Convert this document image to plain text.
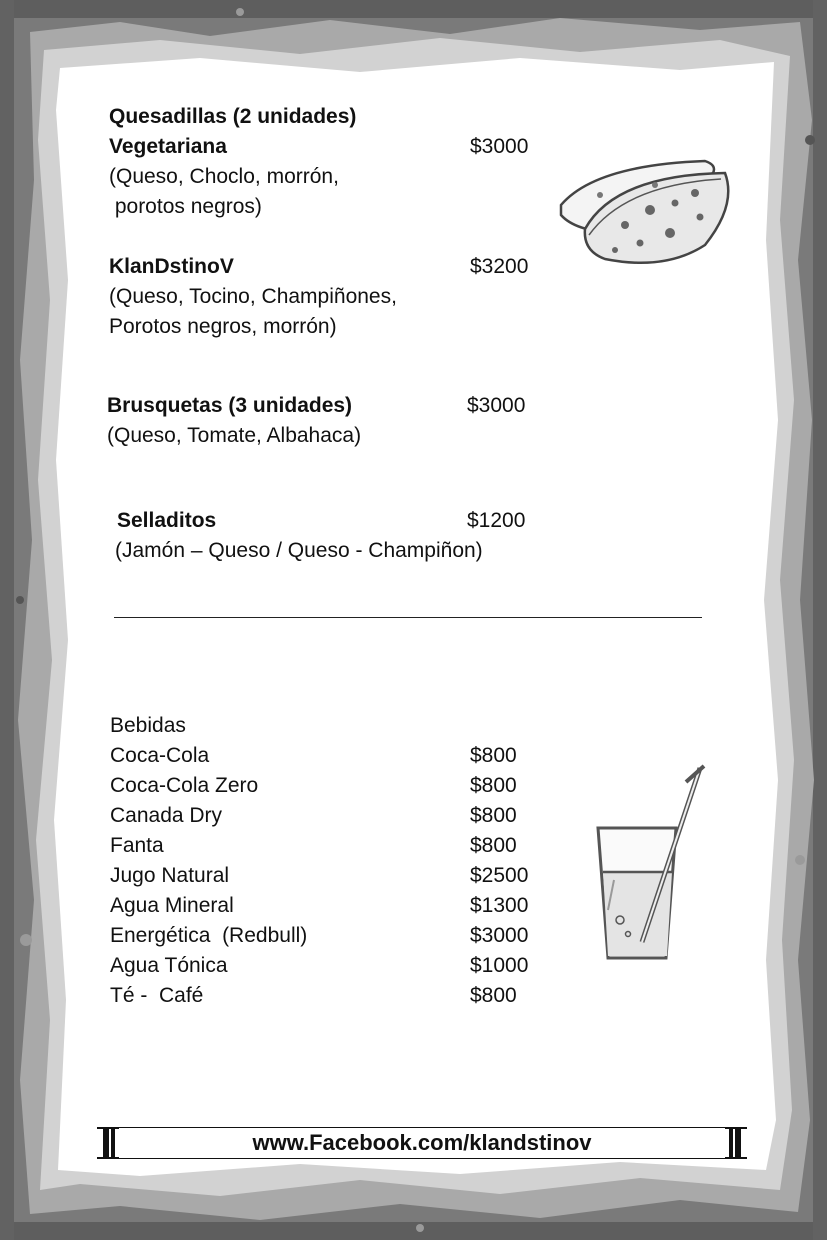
Quesadillas (2 unidades)
Vegetariana	$3000
(Queso, Choclo, morrón,
porotos negros)
KlanDstinoV	$3200
(Queso, Tocino, Champiñones,
Porotos negros, morrón)
Brusquetas (3 unidades)	$3000
(Queso, Tomate, Albahaca)
Selladitos	$1200
(Jamón – Queso / Queso - Champiñon)
Bebidas
Coca-Cola	$800
Coca-Cola Zero	$800
Canada Dry	$800
Fanta	$800
Jugo Natural	$2500
Agua Mineral	$1300
Energética  (Redbull)	$3000
Agua Tónica	$1000
Té -  Café	$800
www.Facebook.com/klandstinov
